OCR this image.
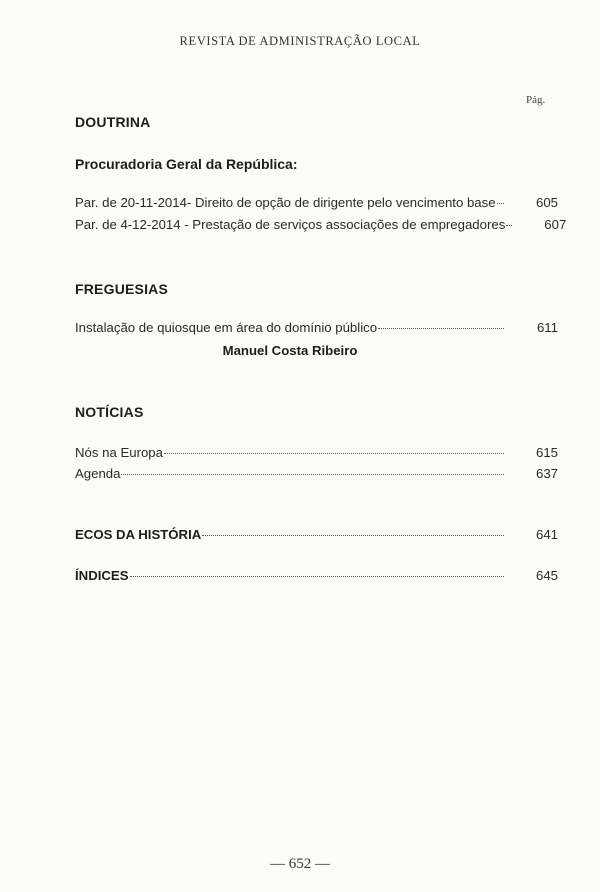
REVISTA DE ADMINISTRAÇÃO LOCAL
Pág.
DOUTRINA
Procuradoria Geral da República:
Par. de 20-11-2014- Direito de opção de dirigente pelo vencimento base	605
Par. de 4-12-2014 - Prestação de serviços associações de empregadores	607
FREGUESIAS
Instalação de quiosque em área do domínio público	611
Manuel Costa Ribeiro
NOTÍCIAS
Nós na Europa	615
Agenda	637
ECOS DA HISTÓRIA	641
ÍNDICES	645
— 652 —
